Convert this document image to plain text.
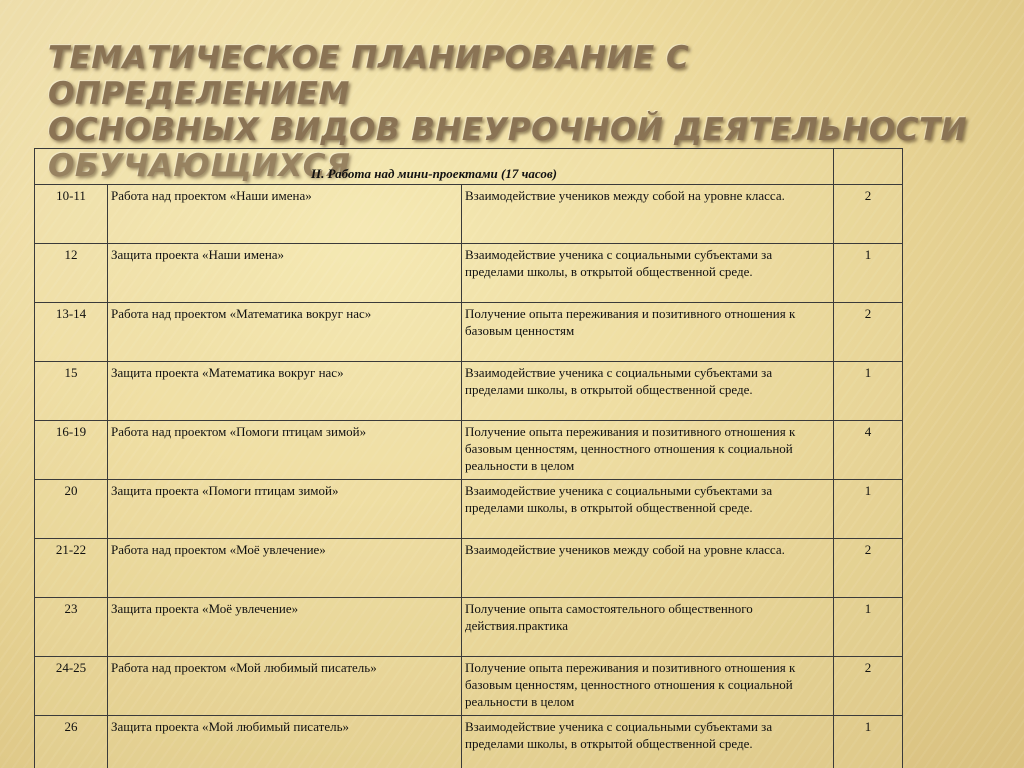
ТЕМАТИЧЕСКОЕ ПЛАНИРОВАНИЕ С ОПРЕДЕЛЕНИЕМ
ОСНОВНЫХ ВИДОВ ВНЕУРОЧНОЙ ДЕЯТЕЛЬНОСТИ
ОБУЧАЮЩИХСЯ
II. Работа над мини-проектами (17 часов)			
10-11	Работа над проектом «Наши имена»	Взаимодействие учеников между собой на уровне класса.	2
12	Защита проекта «Наши имена»	Взаимодействие ученика с социальными субъектами за пределами школы, в открытой общественной среде.	1
13-14	Работа над проектом «Математика вокруг нас»	Получение опыта переживания и позитивного отношения к базовым ценностям	2
15	Защита проекта «Математика вокруг нас»	Взаимодействие ученика с социальными субъектами за пределами школы, в открытой общественной среде.	1
16-19	Работа над проектом «Помоги птицам зимой»	Получение опыта переживания и позитивного отношения к базовым ценностям, ценностного отношения к социальной реальности в целом	4
20	Защита проекта «Помоги птицам зимой»	Взаимодействие ученика с социальными субъектами за пределами школы, в открытой общественной среде.	1
21-22	Работа над проектом «Моё увлечение»	Взаимодействие учеников между собой на уровне класса.	2
23	Защита проекта «Моё увлечение»	Получение опыта самостоятельного общественного действия.практика	1
24-25	Работа над проектом «Мой любимый писатель»	Получение опыта переживания и позитивного отношения к базовым ценностям, ценностного отношения к социальной реальности в целом	2
26	Защита проекта «Мой любимый писатель»	Взаимодействие ученика с социальными субъектами за пределами школы, в открытой общественной среде.	1
